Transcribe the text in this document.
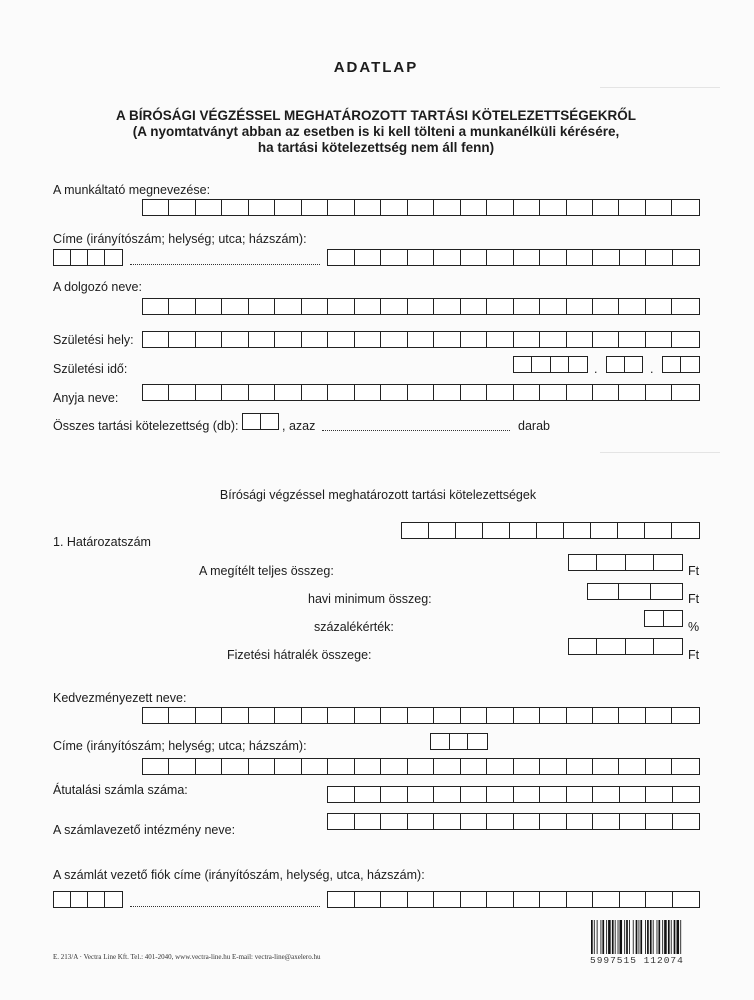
ADATLAP
A BÍRÓSÁGI VÉGZÉSSEL MEGHATÁROZOTT TARTÁSI KÖTELEZETTSÉGEKRŐL
(A nyomtatványt abban az esetben is ki kell tölteni a munkanélküli kérésére,
ha tartási kötelezettség nem áll fenn)
A munkáltató megnevezése:
Címe (irányítószám; helység; utca; házszám):
A dolgozó neve:
Születési hely:
Születési idő:	.	.
Anyja neve:
Összes tartási kötelezettség (db):	, azaz	darab
Bírósági végzéssel meghatározott tartási kötelezettségek
1. Határozatszám
A megítélt teljes összeg:	Ft
havi minimum összeg:	Ft
százalékérték:	%
Fizetési hátralék összege:	Ft
Kedvezményezett neve:
Címe (irányítószám; helység; utca; házszám):
Átutalási számla száma:
A számlavezető intézmény neve:
A számlát vezető fiók címe (irányítószám, helység, utca, házszám):
E. 213/A · Vectra Line Kft. Tel.: 401-2040, www.vectra-line.hu E-mail: vectra-line@axelero.hu	5997515 112074
